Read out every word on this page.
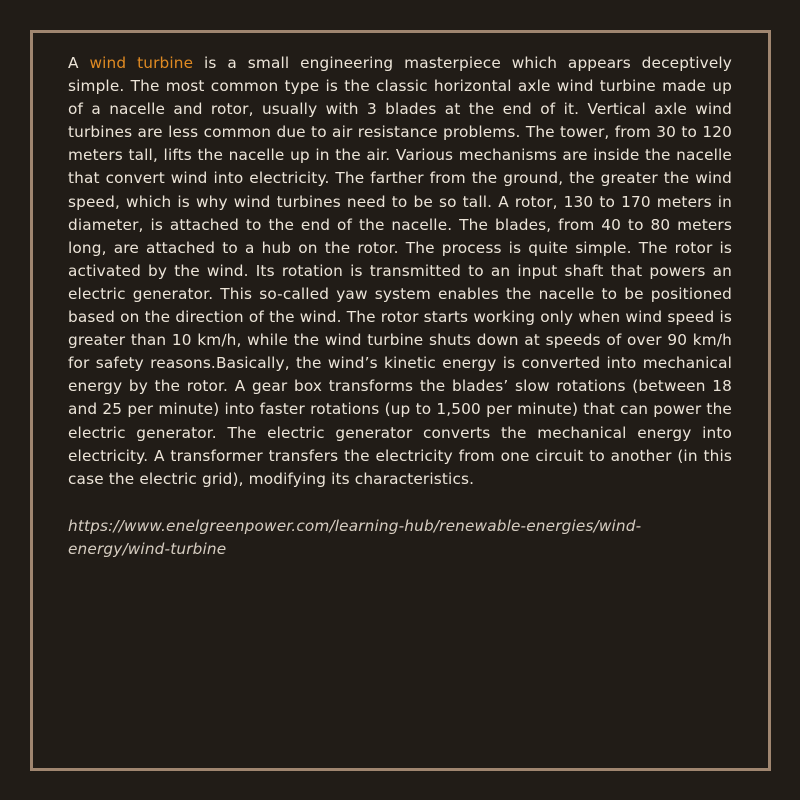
A wind turbine is a small engineering masterpiece which appears deceptively simple. The most common type is the classic horizontal axle wind turbine made up of a nacelle and rotor, usually with 3 blades at the end of it. Vertical axle wind turbines are less common due to air resistance problems. The tower, from 30 to 120 meters tall, lifts the nacelle up in the air. Various mechanisms are inside the nacelle that convert wind into electricity. The farther from the ground, the greater the wind speed, which is why wind turbines need to be so tall. A rotor, 130 to 170 meters in diameter, is attached to the end of the nacelle. The blades, from 40 to 80 meters long, are attached to a hub on the rotor. The process is quite simple. The rotor is activated by the wind. Its rotation is transmitted to an input shaft that powers an electric generator. This so-called yaw system enables the nacelle to be positioned based on the direction of the wind. The rotor starts working only when wind speed is greater than 10 km/h, while the wind turbine shuts down at speeds of over 90 km/h for safety reasons.Basically, the wind’s kinetic energy is converted into mechanical energy by the rotor. A gear box transforms the blades’ slow rotations (between 18 and 25 per minute) into faster rotations (up to 1,500 per minute) that can power the electric generator. The electric generator converts the mechanical energy into electricity. A transformer transfers the electricity from one circuit to another (in this case the electric grid), modifying its characteristics.

https://www.enelgreenpower.com/learning-hub/renewable-energies/wind-energy/wind-turbine
